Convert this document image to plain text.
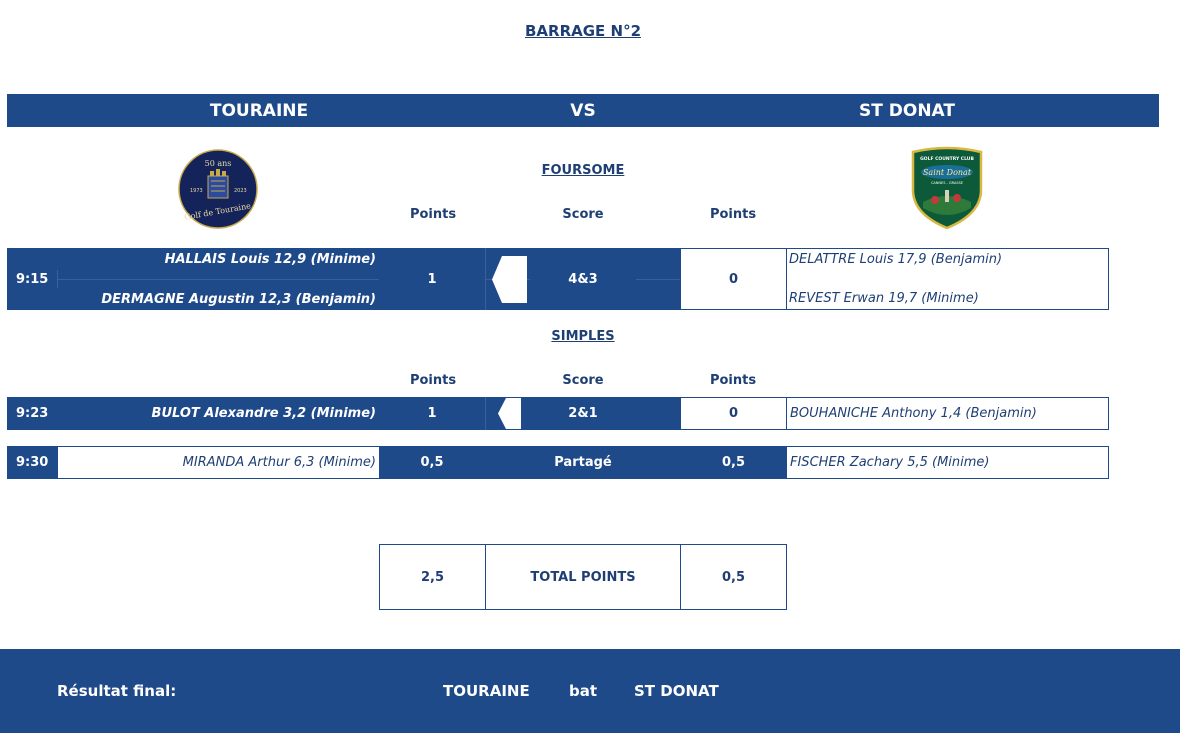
BARRAGE N°2
TOURAINE	VS	ST DONAT
50 ans
1973	2023
Golf de Touraine
GOLF COUNTRY CLUB
Saint Donat
CANNES - GRASSE
FOURSOME
Points	Score	Points
9:15
HALLAIS Louis 12,9 (Minime)
DERMAGNE Augustin 12,3 (Benjamin)
1	4&3	0
DELATTRE Louis 17,9 (Benjamin)
REVEST Erwan 19,7 (Minime)
SIMPLES
Points	Score	Points
9:23	BULOT Alexandre 3,2 (Minime)	1	2&1	0	BOUHANICHE Anthony 1,4 (Benjamin)
9:30	MIRANDA Arthur 6,3 (Minime)	0,5	Partagé	0,5	FISCHER Zachary 5,5 (Minime)
2,5	TOTAL POINTS	0,5
Résultat final:	TOURAINE	bat ST DONAT
